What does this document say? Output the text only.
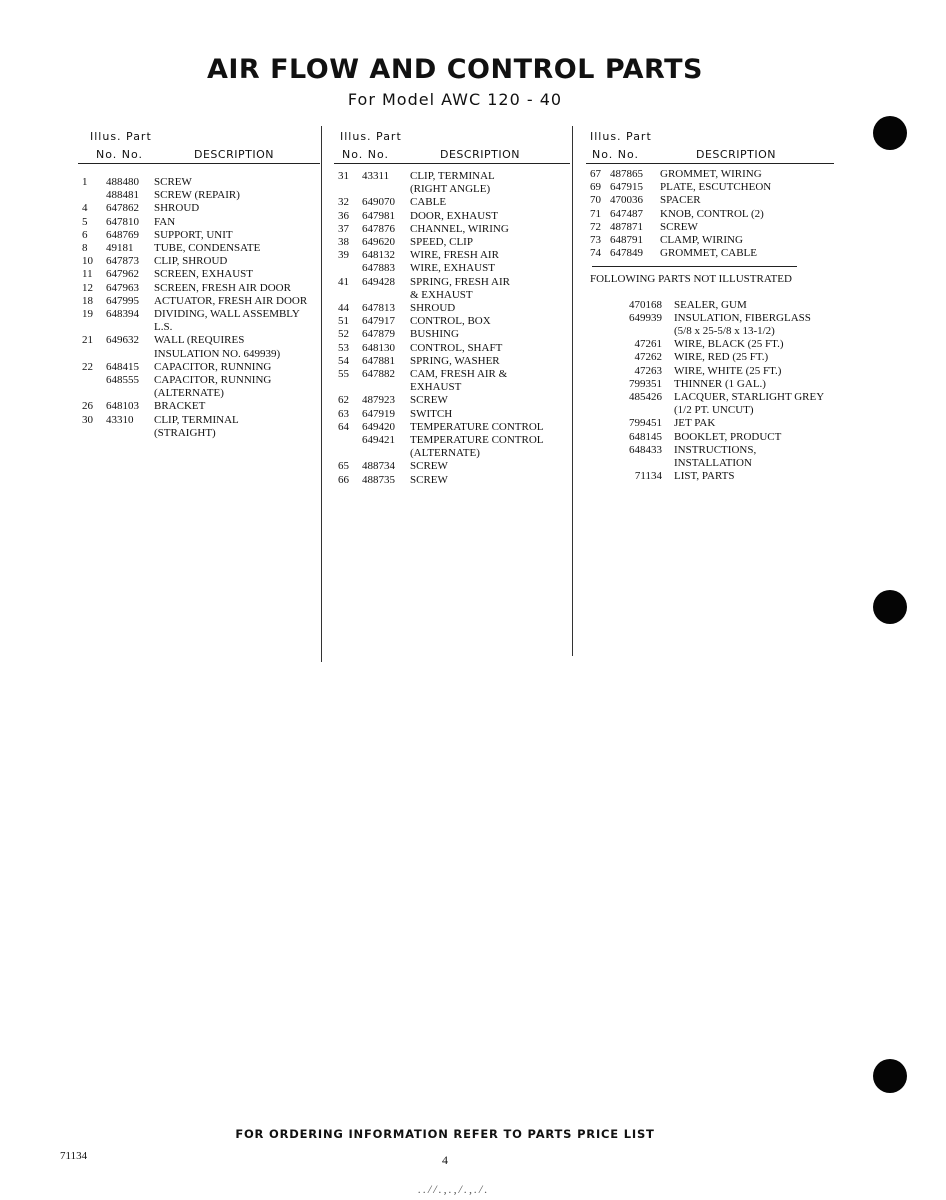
AIR FLOW AND CONTROL PARTS
For Model AWC 120 - 40
Illus. Part
No. No.	DESCRIPTION
1	488480	SCREW
488481	SCREW (REPAIR)
4	647862	SHROUD
5	647810	FAN
6	648769	SUPPORT, UNIT
8	49181	TUBE, CONDENSATE
10	647873	CLIP, SHROUD
11	647962	SCREEN, EXHAUST
12	647963	SCREEN, FRESH AIR DOOR
18	647995	ACTUATOR, FRESH AIR DOOR
19	648394	DIVIDING, WALL ASSEMBLY
L.S.
21	649632	WALL (REQUIRES
INSULATION NO. 649939)
22	648415	CAPACITOR, RUNNING
648555	CAPACITOR, RUNNING
(ALTERNATE)
26	648103	BRACKET
30	43310	CLIP, TERMINAL
(STRAIGHT)
Illus. Part
No. No.	DESCRIPTION
31	43311	CLIP, TERMINAL
(RIGHT ANGLE)
32	649070	CABLE
36	647981	DOOR, EXHAUST
37	647876	CHANNEL, WIRING
38	649620	SPEED, CLIP
39	648132	WIRE, FRESH AIR
647883	WIRE, EXHAUST
41	649428	SPRING, FRESH AIR
& EXHAUST
44	647813	SHROUD
51	647917	CONTROL, BOX
52	647879	BUSHING
53	648130	CONTROL, SHAFT
54	647881	SPRING, WASHER
55	647882	CAM, FRESH AIR &
EXHAUST
62	487923	SCREW
63	647919	SWITCH
64	649420	TEMPERATURE CONTROL
649421	TEMPERATURE CONTROL
(ALTERNATE)
65	488734	SCREW
66	488735	SCREW
Illus. Part
No. No.	DESCRIPTION
67 487865	GROMMET, WIRING
69 647915	PLATE, ESCUTCHEON
70 470036	SPACER
71 647487	KNOB, CONTROL (2)
72 487871	SCREW
73 648791	CLAMP, WIRING
74 647849	GROMMET, CABLE
FOLLOWING PARTS NOT ILLUSTRATED
470168	SEALER, GUM
649939	INSULATION, FIBERGLASS
(5/8 x 25-5/8 x 13-1/2)
47261	WIRE, BLACK (25 FT.)
47262	WIRE, RED (25 FT.)
47263	WIRE, WHITE (25 FT.)
799351	THINNER (1 GAL.)
485426	LACQUER, STARLIGHT GREY
(1/2 PT. UNCUT)
799451	JET PAK
648145	BOOKLET, PRODUCT
648433	INSTRUCTIONS,
INSTALLATION
71134	LIST, PARTS
FOR ORDERING INFORMATION REFER TO PARTS PRICE LIST
71134	4
..//.,.,/.,./.
